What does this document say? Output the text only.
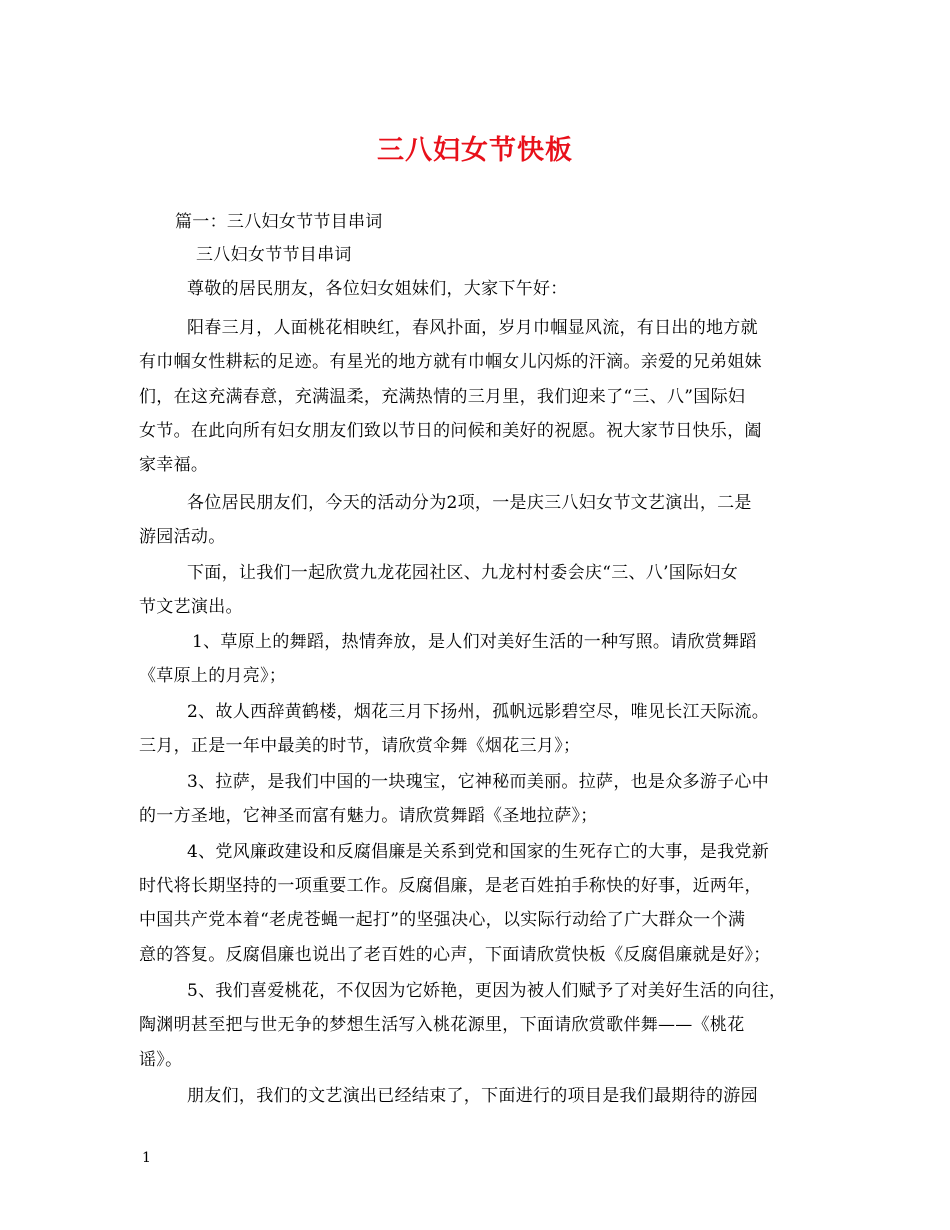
三八妇女节快板
篇一：三八妇女节节目串词
三八妇女节节目串词
尊敬的居民朋友，各位妇女姐妹们，大家下午好：
阳春三月，人面桃花相映红，春风扑面，岁月巾帼显风流，有日出的地方就
有巾帼女性耕耘的足迹。有星光的地方就有巾帼女儿闪烁的汗滴。亲爱的兄弟姐妹
们，在这充满春意，充满温柔，充满热情的三月里，我们迎来了“三、八”国际妇
女节。在此向所有妇女朋友们致以节日的问候和美好的祝愿。祝大家节日快乐，阖
家幸福。
各位居民朋友们，今天的活动分为2项，一是庆三八妇女节文艺演出，二是
游园活动。
下面，让我们一起欣赏九龙花园社区、九龙村村委会庆“三、八’国际妇女
节文艺演出。
1、草原上的舞蹈，热情奔放，是人们对美好生活的一种写照。请欣赏舞蹈
《草原上的月亮》；
2、故人西辞黄鹤楼，烟花三月下扬州，孤帆远影碧空尽，唯见长江天际流。
三月，正是一年中最美的时节，请欣赏伞舞《烟花三月》；
3、拉萨，是我们中国的一块瑰宝，它神秘而美丽。拉萨，也是众多游子心中
的一方圣地，它神圣而富有魅力。请欣赏舞蹈《圣地拉萨》；
4、党风廉政建设和反腐倡廉是关系到党和国家的生死存亡的大事，是我党新
时代将长期坚持的一项重要工作。反腐倡廉，是老百姓拍手称快的好事，近两年，
中国共产党本着“老虎苍蝇一起打”的坚强决心，以实际行动给了广大群众一个满
意的答复。反腐倡廉也说出了老百姓的心声，下面请欣赏快板《反腐倡廉就是好》；
5、我们喜爱桃花，不仅因为它娇艳，更因为被人们赋予了对美好生活的向往，
陶渊明甚至把与世无争的梦想生活写入桃花源里，下面请欣赏歌伴舞——《桃花
谣》。
朋友们，我们的文艺演出已经结束了，下面进行的项目是我们最期待的游园
1
